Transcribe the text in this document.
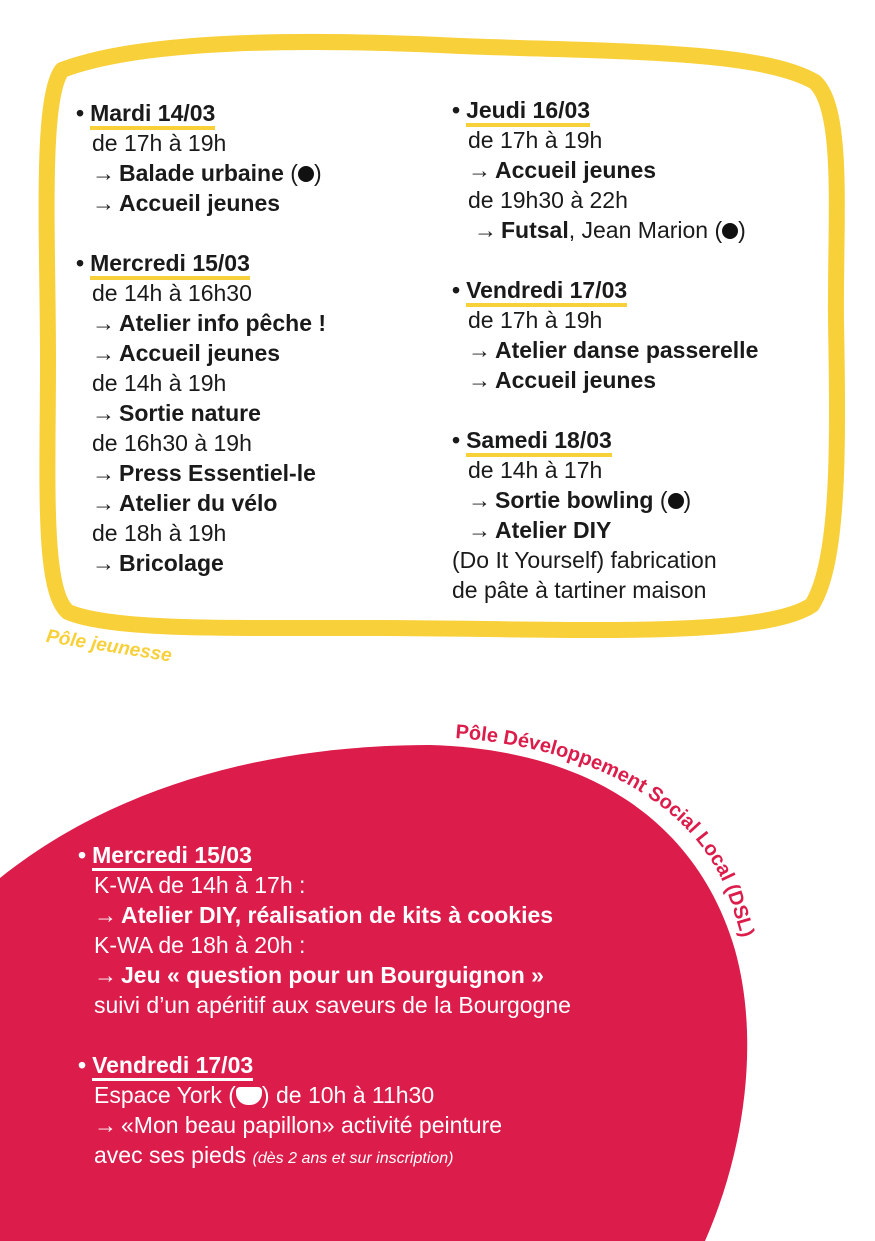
Pôle Développement Social Local (DSL)
Pôle jeunesse

• Mardi 14/03

de 17h à 19h

→ Balade urbaine ( )

→ Accueil jeunes

• Mercredi 15/03

de 14h à 16h30

→ Atelier info pêche !

→ Accueil jeunes

de 14h à 19h

→ Sortie nature

de 16h30 à 19h

→ Press Essentiel-le

→ Atelier du vélo

de 18h à 19h

→ Bricolage

• Jeudi 16/03

de 17h à 19h

→ Accueil jeunes

de 19h30 à 22h

→ Futsal, Jean Marion ( )

• Vendredi 17/03

de 17h à 19h

→ Atelier danse passerelle

→ Accueil jeunes

• Samedi 18/03

de 14h à 17h

→ Sortie bowling ( )

→ Atelier DIY

(Do It Yourself) fabrication

de pâte à tartiner maison

• Mercredi 15/03

K-WA de 14h à 17h :

→ Atelier DIY, réalisation de kits à cookies

K-WA de 18h à 20h :

→ Jeu « question pour un Bourguignon »

suivi d’un apéritif aux saveurs de la Bourgogne

• Vendredi 17/03

Espace York ( ) de 10h à 11h30

→ «Mon beau papillon» activité peinture

avec ses pieds (dès 2 ans et sur inscription)
